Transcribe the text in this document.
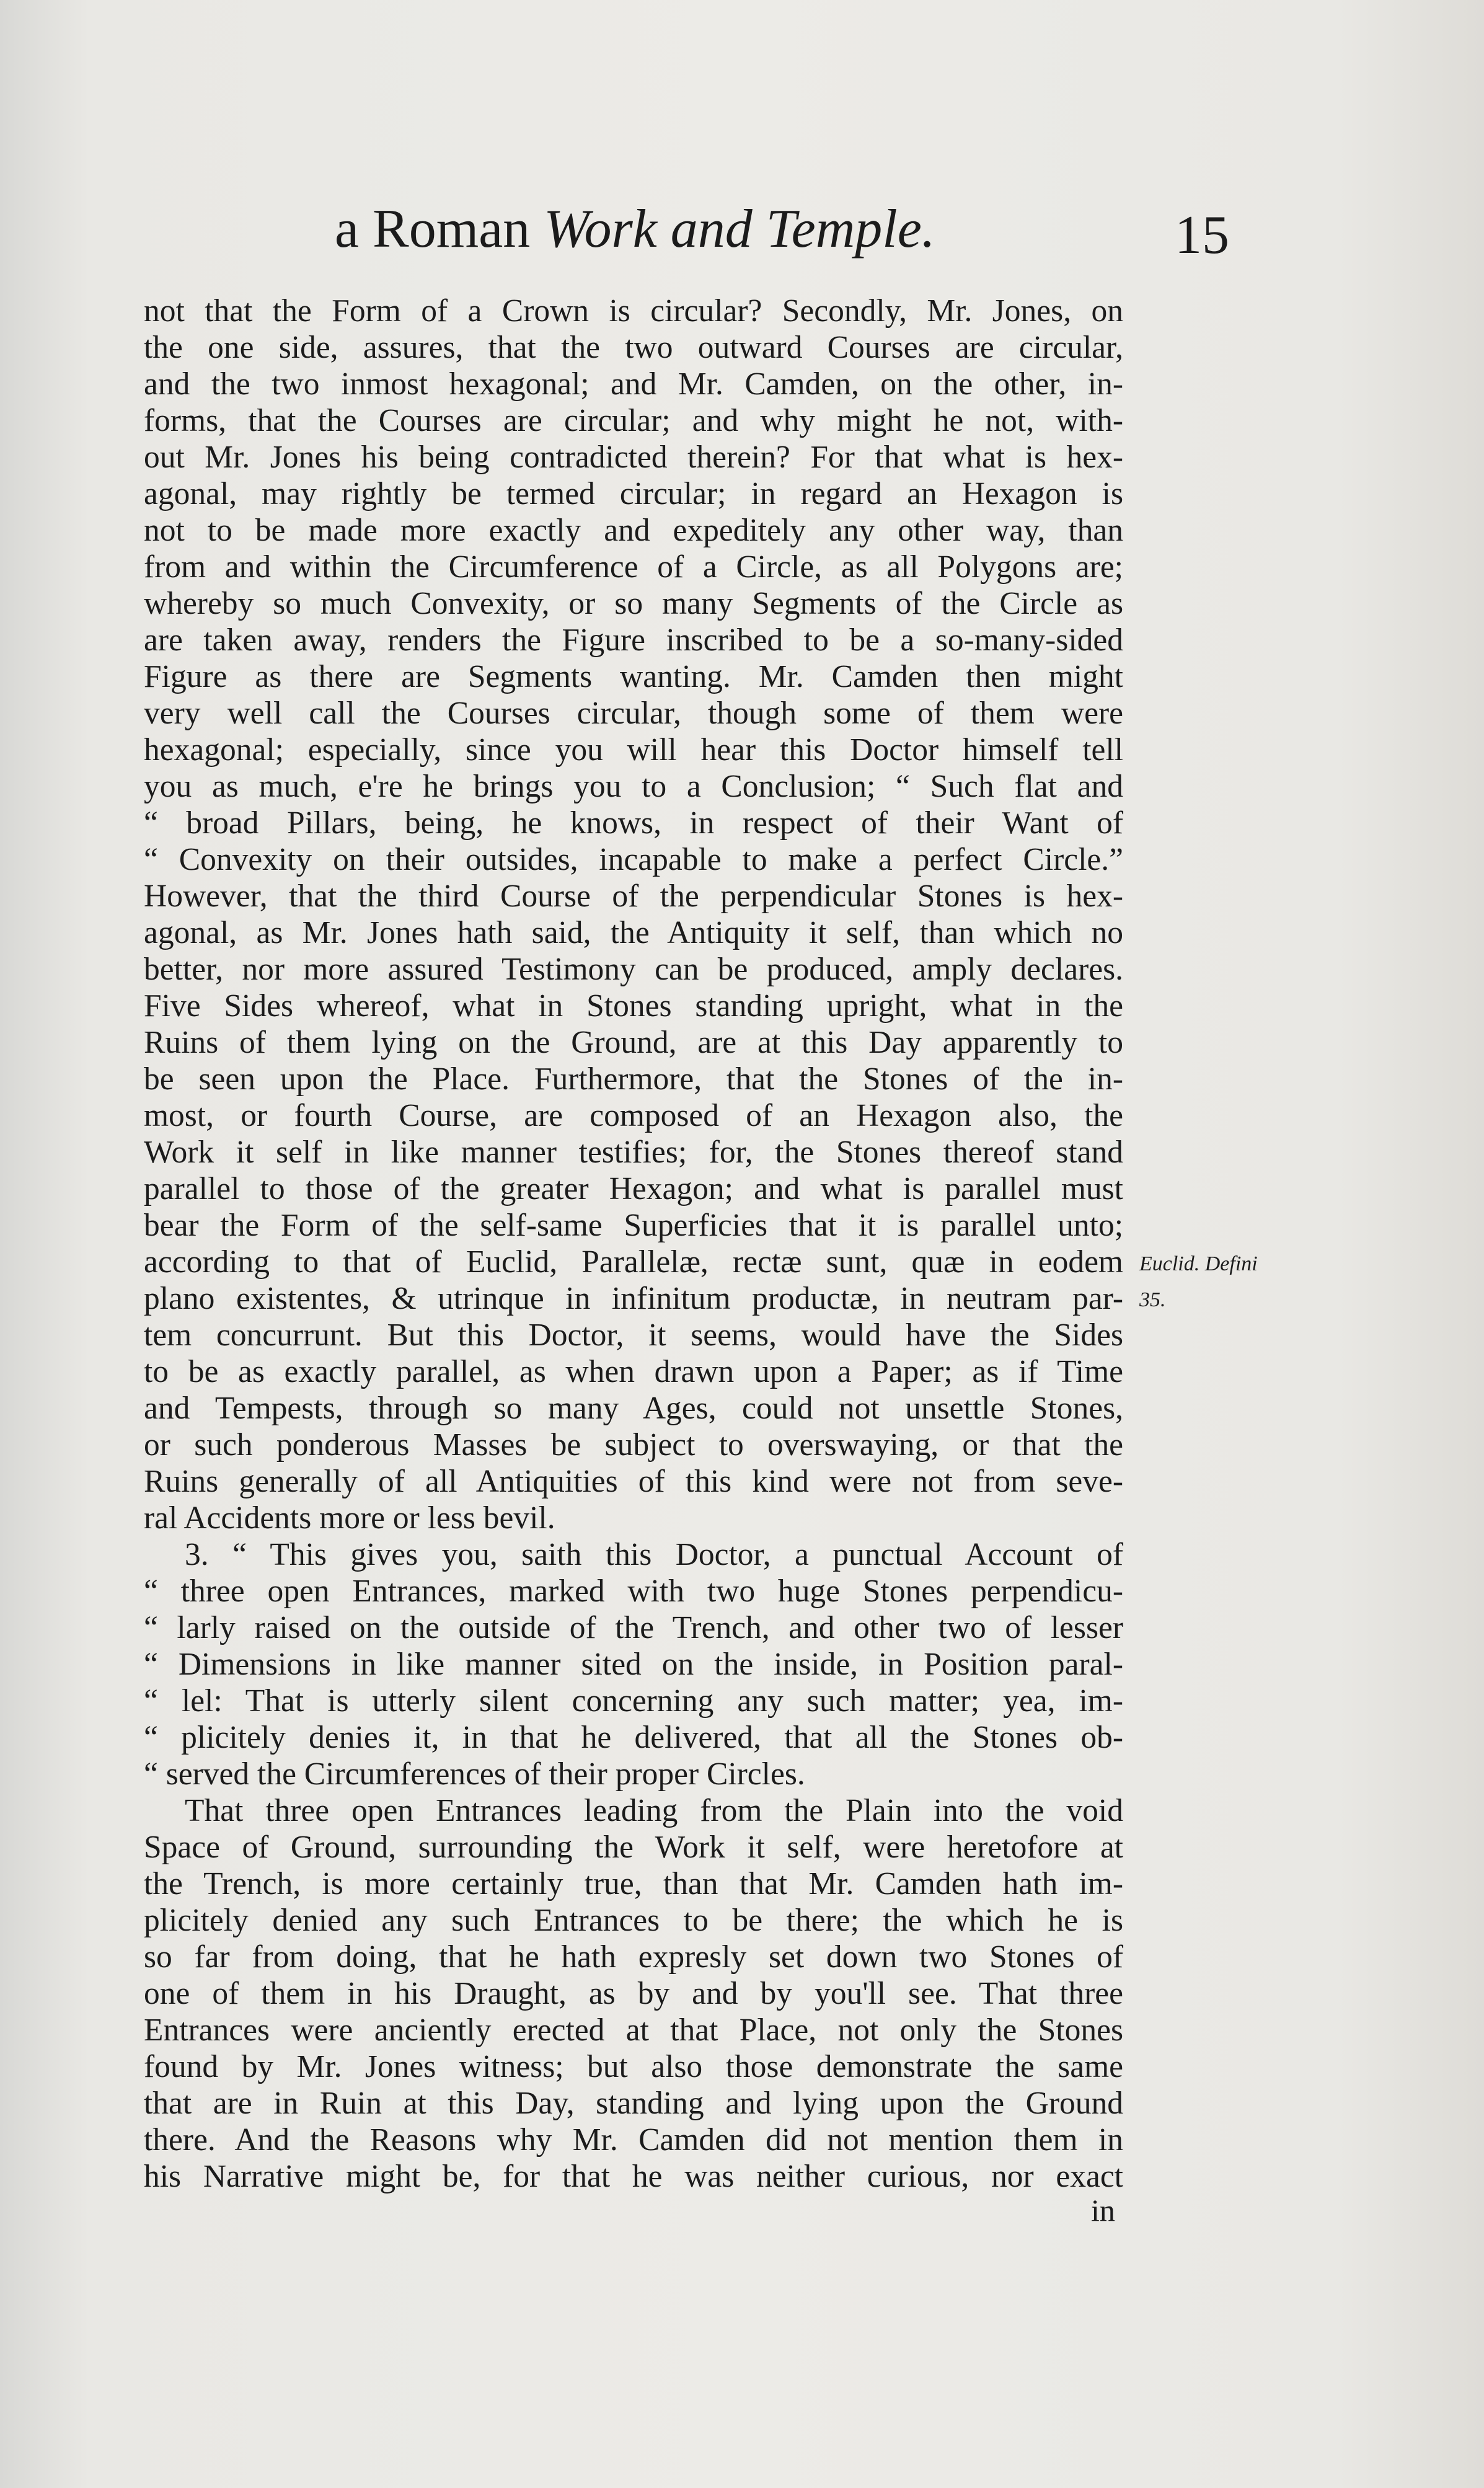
a Roman Work and Temple.	15
not that the Form of a Crown is circular? Secondly, Mr. Jones, on
the one side, assures, that the two outward Courses are circular,
and the two inmost hexagonal; and Mr. Camden, on the other, in-
forms, that the Courses are circular; and why might he not, with-
out Mr. Jones his being contradicted therein? For that what is hex-
agonal, may rightly be termed circular; in regard an Hexagon is
not to be made more exactly and expeditely any other way, than
from and within the Circumference of a Circle, as all Polygons are;
whereby so much Convexity, or so many Segments of the Circle as
are taken away, renders the Figure inscribed to be a so-many-sided
Figure as there are Segments wanting. Mr. Camden then might
very well call the Courses circular, though some of them were
hexagonal; especially, since you will hear this Doctor himself tell
you as much, e're he brings you to a Conclusion; “ Such flat and
“ broad Pillars, being, he knows, in respect of their Want of
“ Convexity on their outsides, incapable to make a perfect Circle.”
However, that the third Course of the perpendicular Stones is hex-
agonal, as Mr. Jones hath said, the Antiquity it self, than which no
better, nor more assured Testimony can be produced, amply declares.
Five Sides whereof, what in Stones standing upright, what in the
Ruins of them lying on the Ground, are at this Day apparently to
be seen upon the Place. Furthermore, that the Stones of the in-
most, or fourth Course, are composed of an Hexagon also, the
Work it self in like manner testifies; for, the Stones thereof stand
parallel to those of the greater Hexagon; and what is parallel must
bear the Form of the self-same Superficies that it is parallel unto;
according to that of Euclid, Parallelæ, rectæ sunt, quæ in eodem
plano existentes, & utrinque in infinitum productæ, in neutram par-
tem concurrunt. But this Doctor, it seems, would have the Sides
to be as exactly parallel, as when drawn upon a Paper; as if Time
and Tempests, through so many Ages, could not unsettle Stones,
or such ponderous Masses be subject to overswaying, or that the
Ruins generally of all Antiquities of this kind were not from seve-
ral Accidents more or less bevil.
3. “ This gives you, saith this Doctor, a punctual Account of
“ three open Entrances, marked with two huge Stones perpendicu-
“ larly raised on the outside of the Trench, and other two of lesser
“ Dimensions in like manner sited on the inside, in Position paral-
“ lel: That is utterly silent concerning any such matter; yea, im-
“ plicitely denies it, in that he delivered, that all the Stones ob-
“ served the Circumferences of their proper Circles.
That three open Entrances leading from the Plain into the void
Space of Ground, surrounding the Work it self, were heretofore at
the Trench, is more certainly true, than that Mr. Camden hath im-
plicitely denied any such Entrances to be there; the which he is
so far from doing, that he hath expresly set down two Stones of
one of them in his Draught, as by and by you'll see. That three
Entrances were anciently erected at that Place, not only the Stones
found by Mr. Jones witness; but also those demonstrate the same
that are in Ruin at this Day, standing and lying upon the Ground
there. And the Reasons why Mr. Camden did not mention them in
his Narrative might be, for that he was neither curious, nor exact
Euclid. Defini
35.
in
